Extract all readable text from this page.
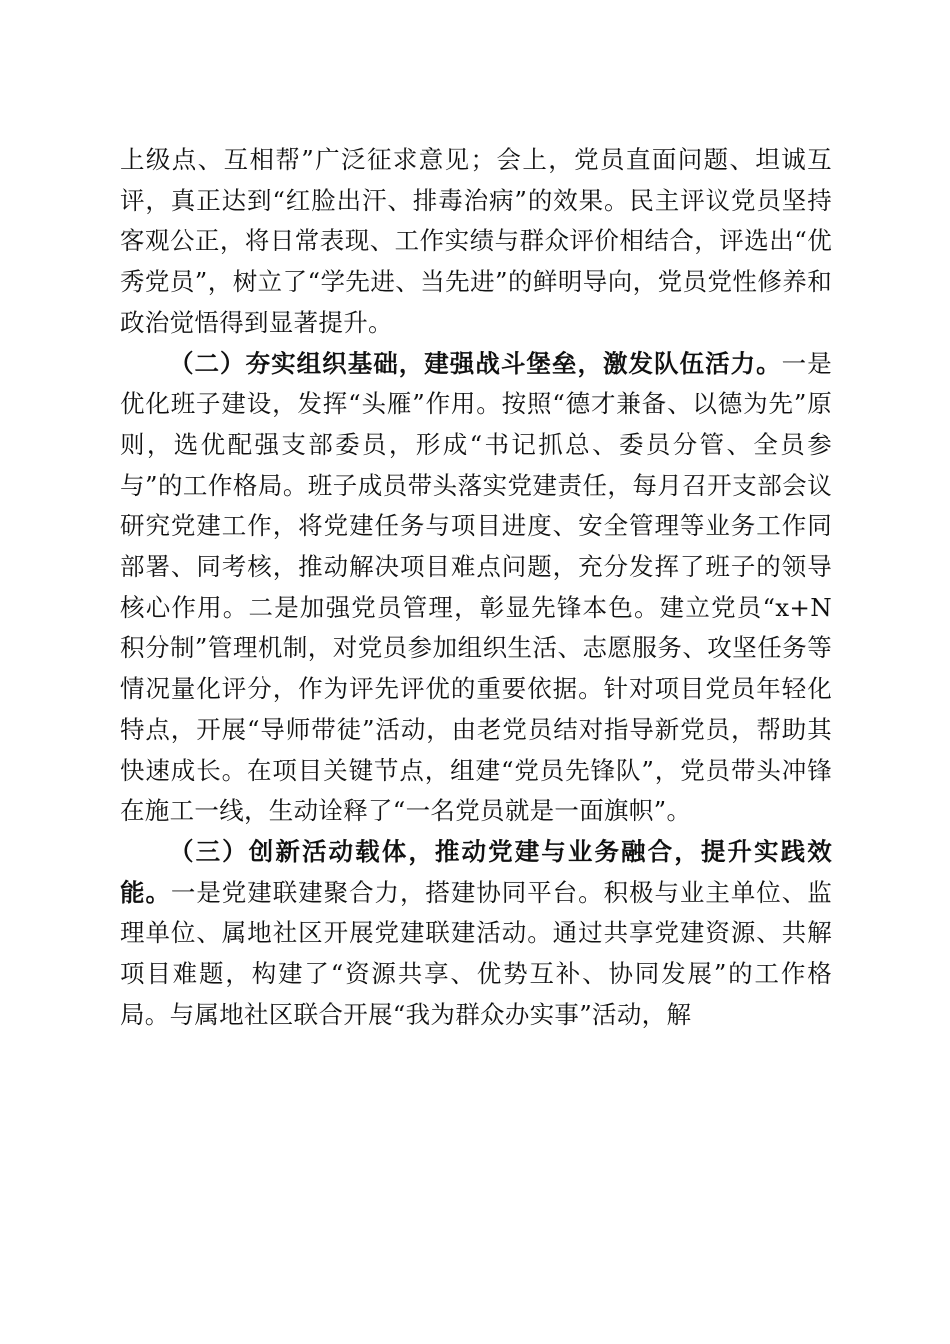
上级点、互相帮”广泛征求意见；会上，党员直面问题、坦诚互评，真正达到“红脸出汗、排毒治病”的效果。民主评议党员坚持客观公正，将日常表现、工作实绩与群众评价相结合，评选出“优秀党员”，树立了“学先进、当先进”的鲜明导向，党员党性修养和政治觉悟得到显著提升。

（二）夯实组织基础，建强战斗堡垒，激发队伍活力。一是优化班子建设，发挥“头雁”作用。按照“德才兼备、以德为先”原则，选优配强支部委员，形成“书记抓总、委员分管、全员参与”的工作格局。班子成员带头落实党建责任，每月召开支部会议研究党建工作，将党建任务与项目进度、安全管理等业务工作同部署、同考核，推动解决项目难点问题，充分发挥了班子的领导核心作用。二是加强党员管理，彰显先锋本色。建立党员“x+N积分制”管理机制，对党员参加组织生活、志愿服务、攻坚任务等情况量化评分，作为评先评优的重要依据。针对项目党员年轻化特点，开展“导师带徒”活动，由老党员结对指导新党员，帮助其快速成长。在项目关键节点，组建“党员先锋队”，党员带头冲锋在施工一线，生动诠释了“一名党员就是一面旗帜”。

（三）创新活动载体，推动党建与业务融合，提升实践效能。一是党建联建聚合力，搭建协同平台。积极与业主单位、监理单位、属地社区开展党建联建活动。通过共享党建资源、共解项目难题，构建了“资源共享、优势互补、协同发展”的工作格局。与属地社区联合开展“我为群众办实事”活动，解
